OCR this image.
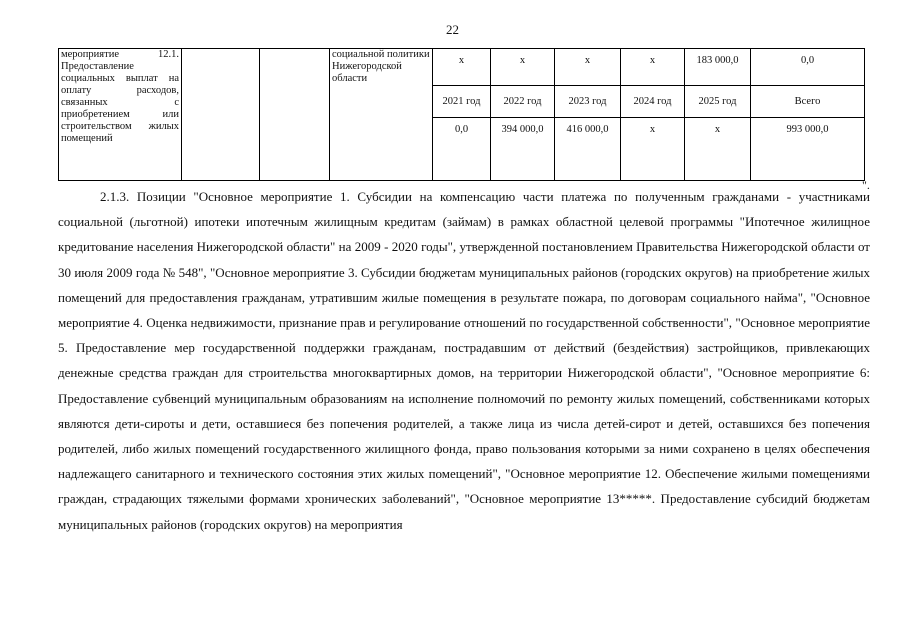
22
мероприятие 12.1. Предоставление социальных выплат на оплату расходов, связанных с приобретением или строительством жилых помещений			социальной политики Нижегородской области	х	х	х	х	183 000,0	0,0
				2021 год	2022 год	2023 год	2024 год	2025 год	Всего
				0,0	394 000,0	416 000,0	х	х	993 000,0
".

2.1.3. Позиции "Основное мероприятие 1. Субсидии на компенсацию части платежа по полученным гражданами - участниками социальной (льготной) ипотеки ипотечным жилищным кредитам (займам) в рамках областной целевой программы "Ипотечное жилищное кредитование населения Нижегородской области" на 2009 - 2020 годы", утвержденной постановлением Правительства Нижегородской области от 30 июля 2009 года № 548", "Основное мероприятие 3. Субсидии бюджетам муниципальных районов (городских округов) на приобретение жилых помещений для предоставления гражданам, утратившим жилые помещения в результате пожара, по договорам социального найма", "Основное мероприятие 4. Оценка недвижимости, признание прав и регулирование отношений по государственной собственности", "Основное мероприятие 5. Предоставление мер государственной поддержки гражданам, пострадавшим от действий (бездействия) застройщиков, привлекающих денежные средства граждан для строительства многоквартирных домов, на территории Нижегородской области", "Основное мероприятие 6: Предоставление субвенций муниципальным образованиям на исполнение полномочий по ремонту жилых помещений, собственниками которых являются дети-сироты и дети, оставшиеся без попечения родителей, а также лица из числа детей-сирот и детей, оставшихся без попечения родителей, либо жилых помещений государственного жилищного фонда, право пользования которыми за ними сохранено в целях обеспечения надлежащего санитарного и технического состояния этих жилых помещений", "Основное мероприятие 12. Обеспечение жилыми помещениями граждан, страдающих тяжелыми формами хронических заболеваний", "Основное мероприятие 13*****. Предоставление субсидий бюджетам муниципальных районов (городских округов) на мероприятия
